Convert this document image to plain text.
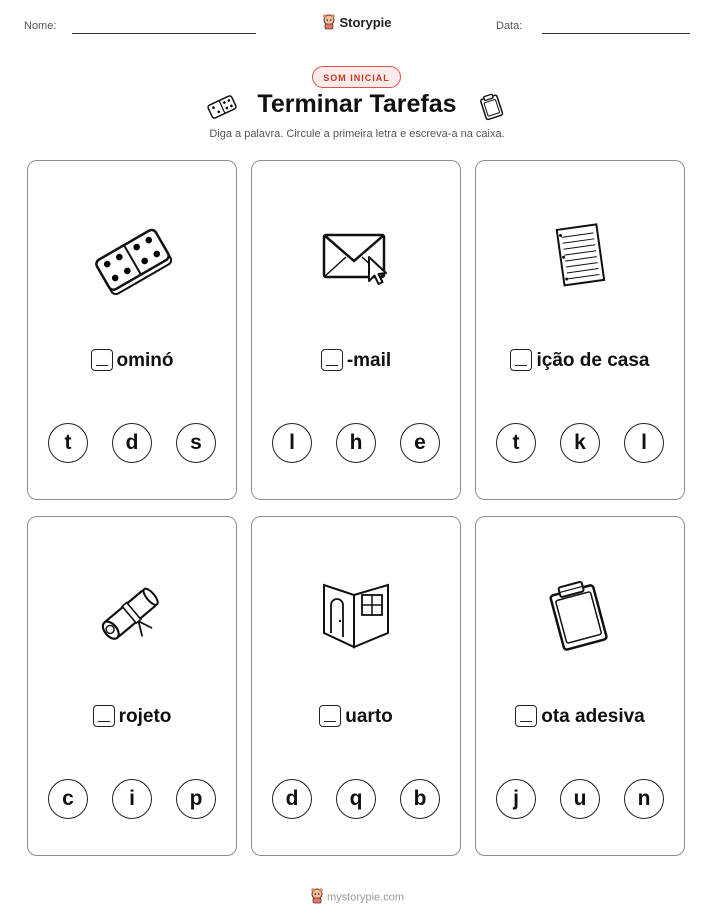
Nome:	Storypie	Data:
SOM INICIAL
Terminar Tarefas
Diga a palavra. Circule a primeira letra e escreva-a na caixa.
ominó
t	d	s
-mail
l	h	e
ição de casa
t	k	l
rojeto
c	i	p
uarto
d	q	b
ota adesiva
j	u	n
mystorypie.com
